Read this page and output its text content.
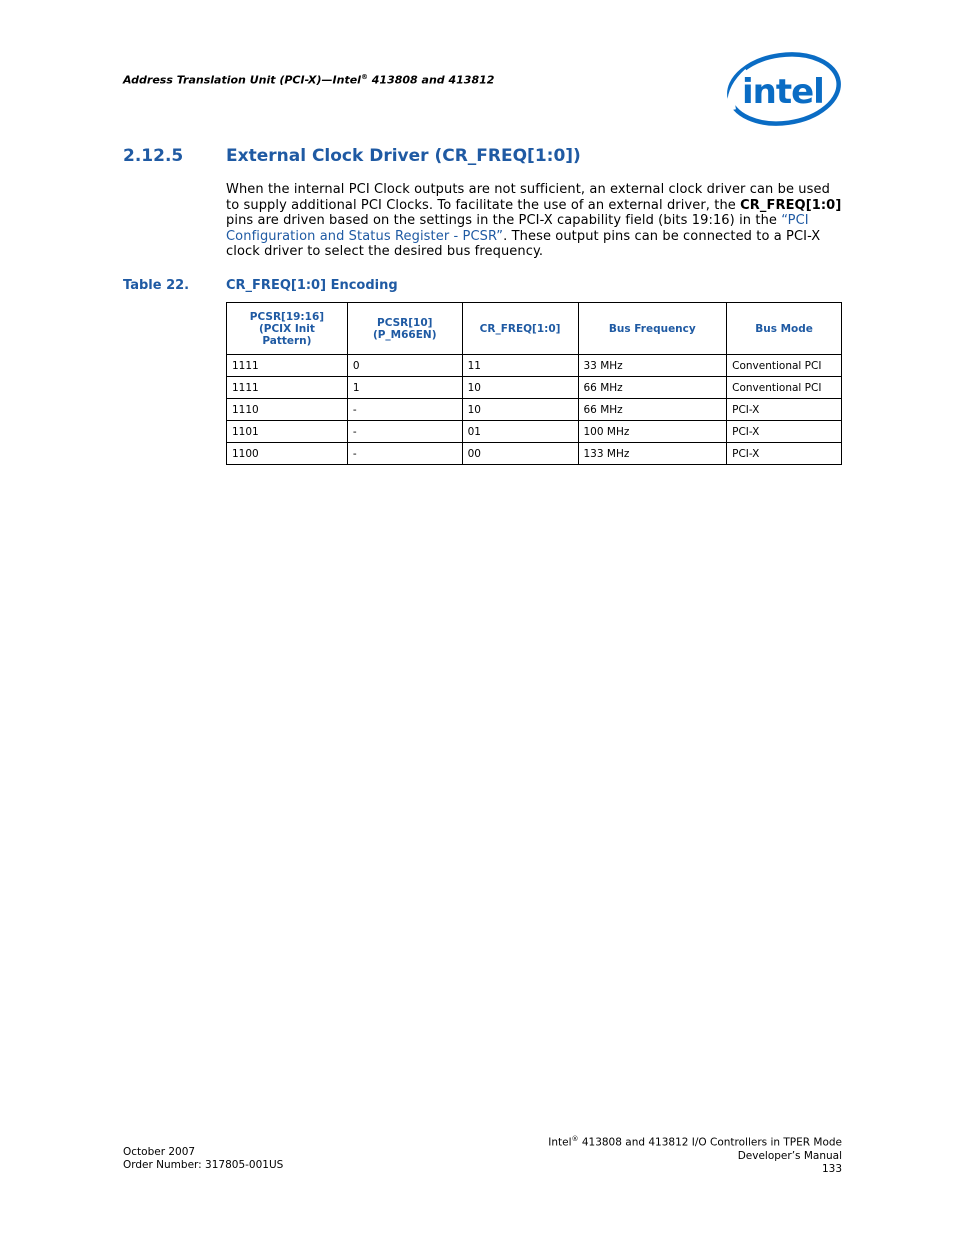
Address Translation Unit (PCI-X)—Intel® 413808 and 413812	intel
2.12.5	External Clock Driver (CR_FREQ[1:0])
When the internal PCI Clock outputs are not sufficient, an external clock driver can be used to supply additional PCI Clocks. To facilitate the use of an external driver, the CR_FREQ[1:0] pins are driven based on the settings in the PCI-X capability field (bits 19:16) in the “PCI Configuration and Status Register - PCSR”. These output pins can be connected to a PCI-X clock driver to select the desired bus frequency.
Table 22.	CR_FREQ[1:0] Encoding
PCSR[19:16]
(PCIX Init
Pattern)	PCSR[10]
(P_M66EN)	CR_FREQ[1:0]	Bus Frequency	Bus Mode
1111	0	11	33 MHz	Conventional PCI
1111	1	10	66 MHz	Conventional PCI
1110	-	10	66 MHz	PCI-X
1101	-	01	100 MHz	PCI-X
1100	-	00	133 MHz	PCI-X
October 2007
Order Number: 317805-001US
Intel® 413808 and 413812 I/O Controllers in TPER Mode
Developer’s Manual
133
